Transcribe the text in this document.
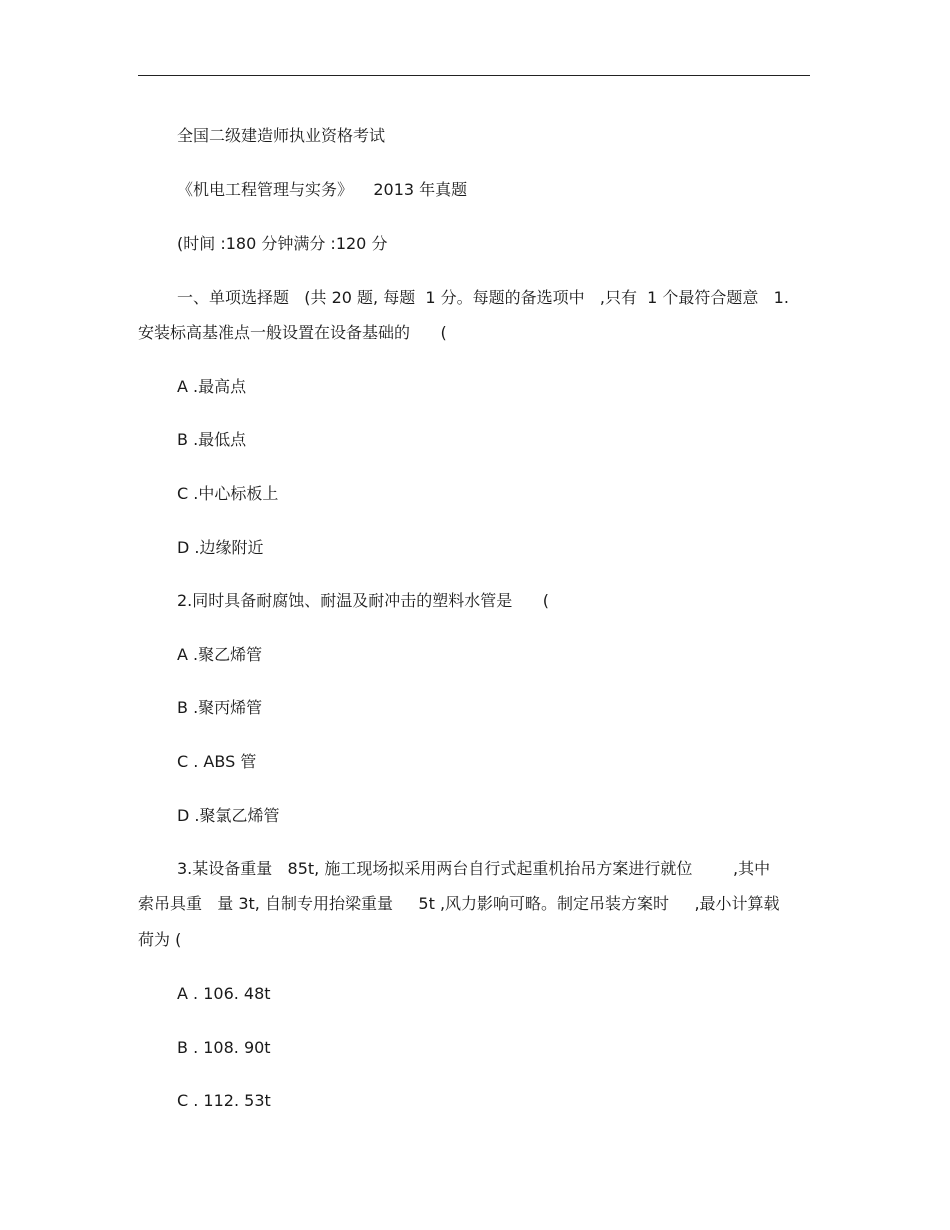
全国二级建造师执业资格考试
《机电工程管理与实务》    2013 年真题
(时间 :180 分钟满分 :120 分
一、单项选择题   (共 20 题, 每题  1 分。每题的备选项中   ,只有  1 个最符合题意   1.
安装标高基准点一般设置在设备基础的      (
A .最高点
B .最低点
C .中心标板上
D .边缘附近
2.同时具备耐腐蚀、耐温及耐冲击的塑料水管是      (
A .聚乙烯管
B .聚丙烯管
C . ABS 管
D .聚氯乙烯管
3.某设备重量   85t, 施工现场拟采用两台自行式起重机抬吊方案进行就位        ,其中
索吊具重   量 3t, 自制专用抬梁重量     5t ,风力影响可略。制定吊装方案时     ,最小计算载
荷为 (
A . 106. 48t
B . 108. 90t
C . 112. 53t
